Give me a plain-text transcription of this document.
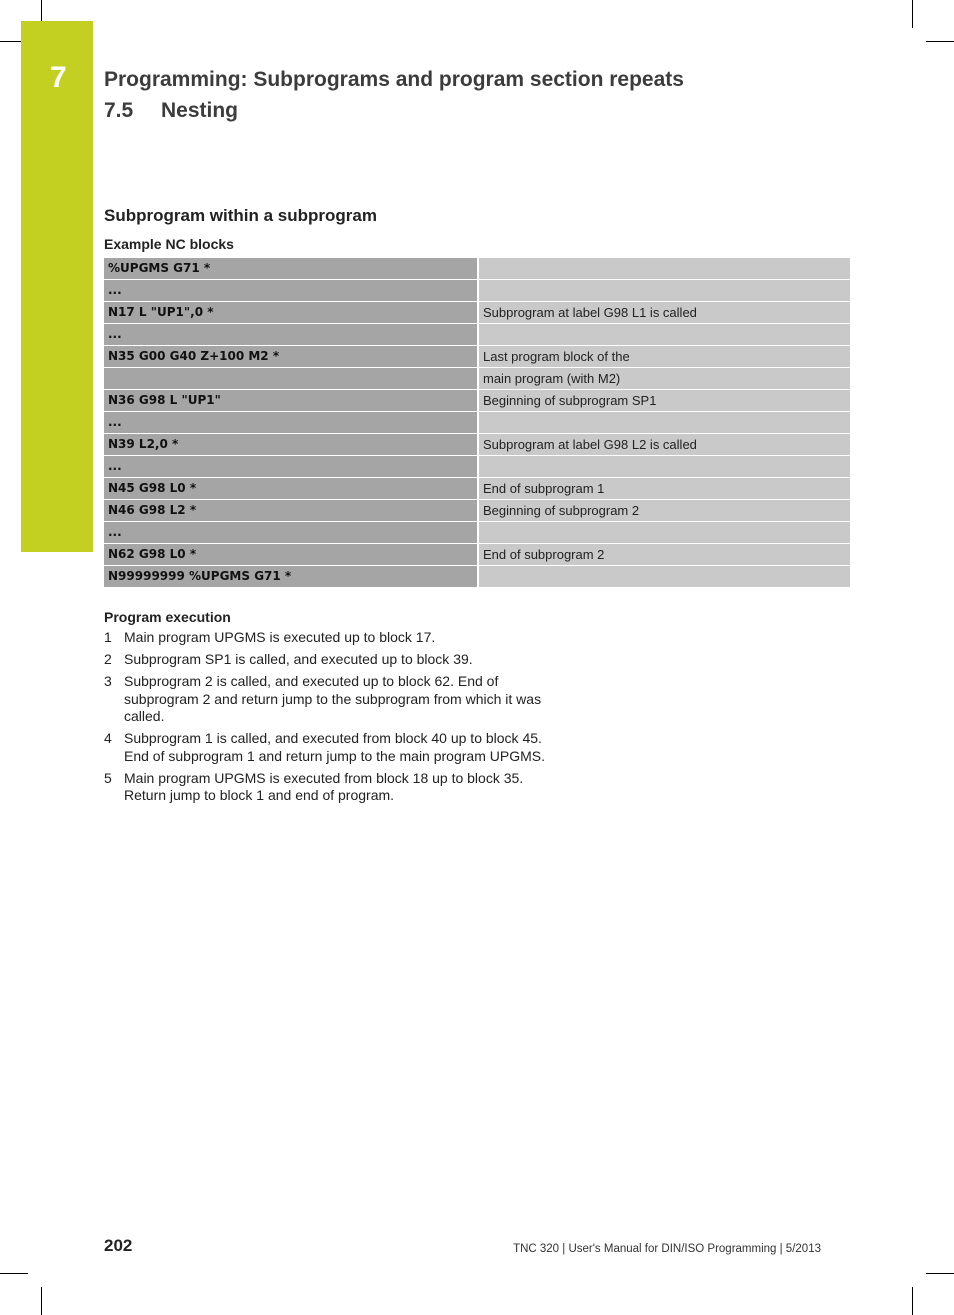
7 Programming: Subprograms and program section repeats
7.5 Nesting
Subprogram within a subprogram
Example NC blocks
%UPGMS G71 *	
...	
N17 L "UP1",0 *	Subprogram at label G98 L1 is called
...	
N35 G00 G40 Z+100 M2 *	Last program block of the
	main program (with M2)
N36 G98 L "UP1"	Beginning of subprogram SP1
...	
N39 L2,0 *	Subprogram at label G98 L2 is called
...	
N45 G98 L0 *	End of subprogram 1
N46 G98 L2 *	Beginning of subprogram 2
...	
N62 G98 L0 *	End of subprogram 2
N99999999 %UPGMS G71 *	
Program execution
1 Main program UPGMS is executed up to block 17.
2 Subprogram SP1 is called, and executed up to block 39.
3 Subprogram 2 is called, and executed up to block 62. End of subprogram 2 and return jump to the subprogram from which it was called.
4 Subprogram 1 is called, and executed from block 40 up to block 45. End of subprogram 1 and return jump to the main program UPGMS.
5 Main program UPGMS is executed from block 18 up to block 35. Return jump to block 1 and end of program.
202	TNC 320 | User's Manual for DIN/ISO Programming | 5/2013
